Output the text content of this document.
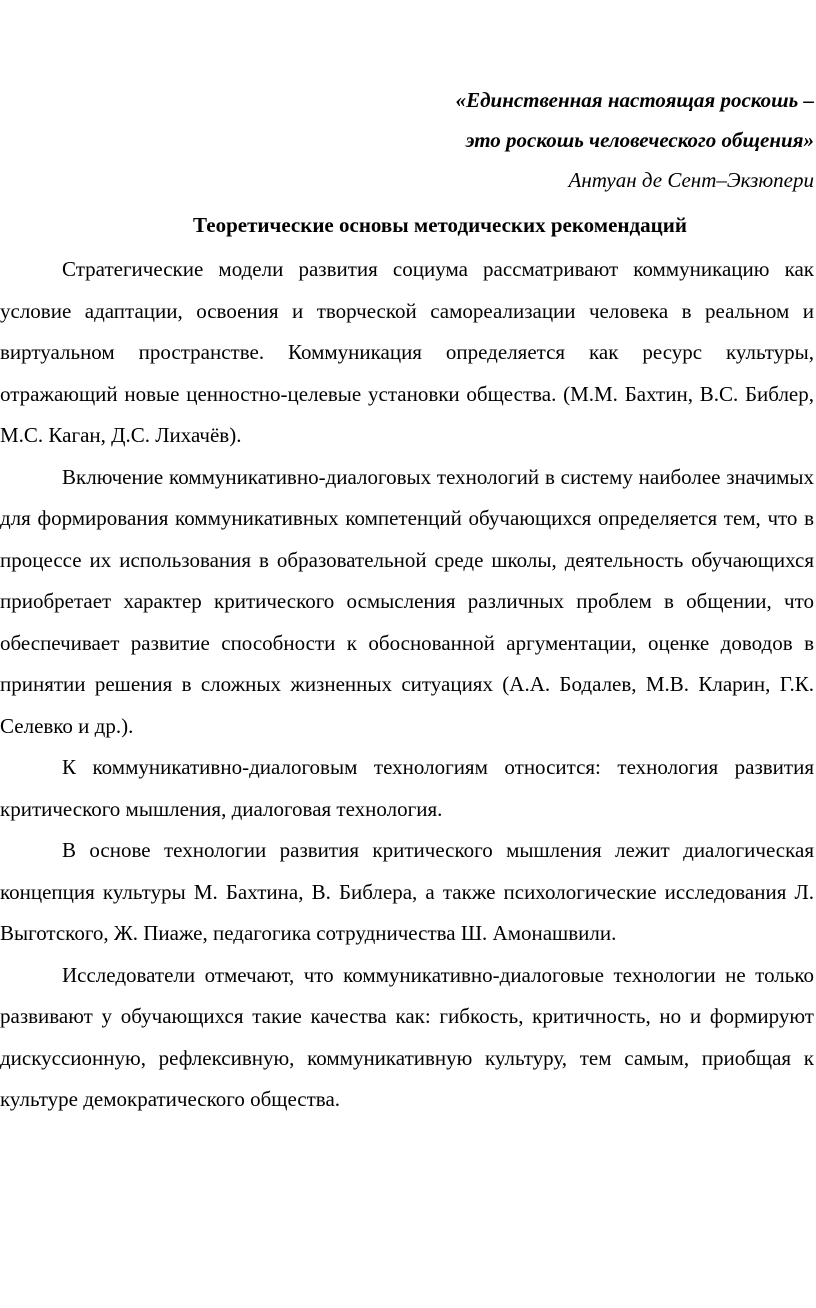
«Единственная настоящая роскошь –
это роскошь человеческого общения»
Антуан де Сент–Экзюпери
Теоретические основы методических рекомендаций

Стратегические модели развития социума рассматривают коммуникацию как условие адаптации, освоения и творческой самореализации человека в реальном и виртуальном пространстве. Коммуникация определяется как ресурс культуры, отражающий новые ценностно-целевые установки общества. (М.М. Бахтин, В.С. Библер, М.С. Каган, Д.С. Лихачёв).

Включение коммуникативно-диалоговых технологий в систему наиболее значимых для формирования коммуникативных компетенций обучающихся определяется тем, что в процессе их использования в образовательной среде школы, деятельность обучающихся приобретает характер критического осмысления различных проблем в общении, что обеспечивает развитие способности к обоснованной аргументации, оценке доводов в принятии решения в сложных жизненных ситуациях (А.А. Бодалев, М.В. Кларин, Г.К. Селевко и др.).

К коммуникативно-диалоговым технологиям относится: технология развития критического мышления, диалоговая технология.

В основе технологии развития критического мышления лежит диалогическая концепция культуры М. Бахтина, В. Библера, а также психологические исследования Л. Выготского, Ж. Пиаже, педагогика сотрудничества Ш. Амонашвили.

Исследователи отмечают, что коммуникативно-диалоговые технологии не только развивают у обучающихся такие качества как: гибкость, критичность, но и формируют дискуссионную, рефлексивную, коммуникативную культуру, тем самым, приобщая к культуре демократического общества.
